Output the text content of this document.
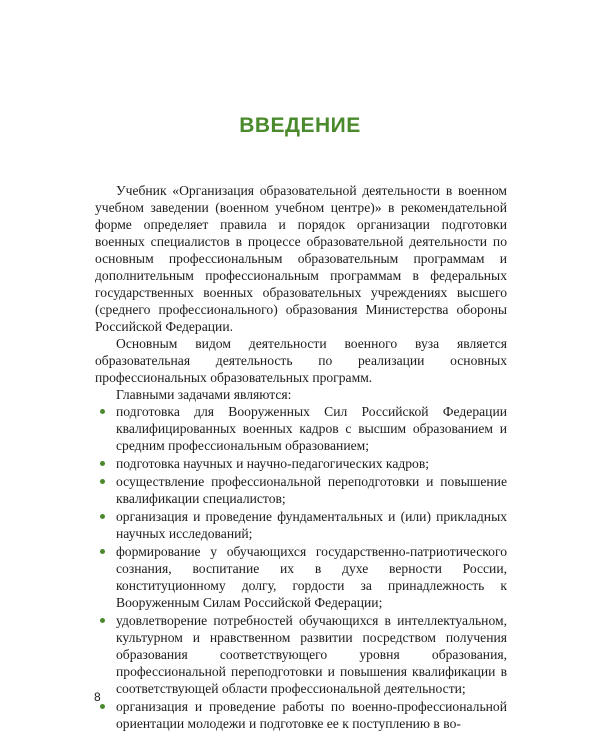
ВВЕДЕНИЕ

Учебник «Организация образовательной деятельности в военном учебном заведении (военном учебном центре)» в рекомендательной форме определяет правила и порядок организации подготовки военных специалистов в процессе образовательной деятельности по основным профессиональным образовательным программам и дополнительным профессиональным программам в федеральных государственных военных образовательных учреждениях высшего (среднего профессионального) образования Министерства обороны Российской Федерации.

Основным видом деятельности военного вуза является образовательная деятельность по реализации основных профессиональных образовательных программ.

Главными задачами являются:

подготовка для Вооруженных Сил Российской Федерации квалифицированных военных кадров с высшим образованием и средним профессиональным образованием;
подготовка научных и научно-педагогических кадров;
осуществление профессиональной переподготовки и повышение квалификации специалистов;
организация и проведение фундаментальных и (или) прикладных научных исследований;
формирование у обучающихся государственно-патриотического сознания, воспитание их в духе верности России, конституционному долгу, гордости за принадлежность к Вооруженным Силам Российской Федерации;
удовлетворение потребностей обучающихся в интеллектуальном, культурном и нравственном развитии посредством получения образования соответствующего уровня образования, профессиональной переподготовки и повышения квалификации в соответствующей области профессиональной деятельности;
организация и проведение работы по военно-профессиональной ориентации молодежи и подготовке ее к поступлению в во-
8
